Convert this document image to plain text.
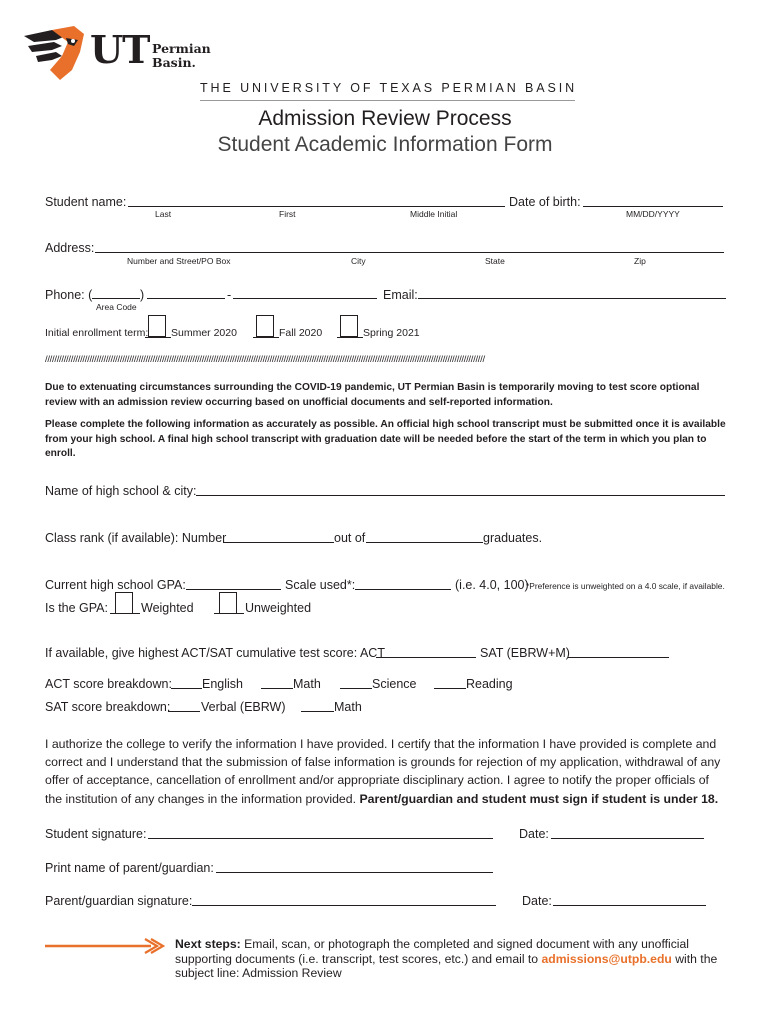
UT Permian
Basin.
THE UNIVERSITY OF TEXAS PERMIAN BASIN
Admission Review Process
Student Academic Information Form
Student name:	Date of birth:
Last	First	Middle Initial	MM/DD/YYYY
Address:
Number and Street/PO Box	City	State	Zip
Phone: (	)	-	Email:
Area Code
Initial enrollment term: Summer 2020	Fall 2020	Spring 2021
////////////////////////////////////////////////////////////////////////////////////////////////////////////////////////////////////////////////////////////////////////////////////////////
Due to extenuating circumstances surrounding the COVID-19 pandemic, UT Permian Basin is temporarily moving to test score optional review with an admission review occurring based on unofficial documents and self-reported information.
Please complete the following information as accurately as possible. An official high school transcript must be submitted once it is available from your high school. A final high school transcript with graduation date will be needed before the start of the term in which you plan to enroll.
Name of high school & city:
Class rank (if available): Number	out of	graduates.
Current high school GPA:	Scale used*:	(i.e. 4.0, 100)
*Preference is unweighted on a 4.0 scale, if available.
Is the GPA:	Weighted	Unweighted
If available, give highest ACT/SAT cumulative test score: ACT	SAT (EBRW+M)
ACT score breakdown: English	Math	Science	Reading
SAT score breakdown: Verbal (EBRW)	Math
I authorize the college to verify the information I have provided. I certify that the information I have provided is complete and correct and I understand that the submission of false information is grounds for rejection of my application, withdrawal of any offer of acceptance, cancellation of enrollment and/or appropriate disciplinary action. I agree to notify the proper officials of the institution of any changes in the information provided. Parent/guardian and student must sign if student is under 18.
Student signature:	Date:
Print name of parent/guardian:
Parent/guardian signature:	Date:
Next steps: Email, scan, or photograph the completed and signed document with any unofficial supporting documents (i.e. transcript, test scores, etc.) and email to admissions@utpb.edu with the subject line: Admission Review
